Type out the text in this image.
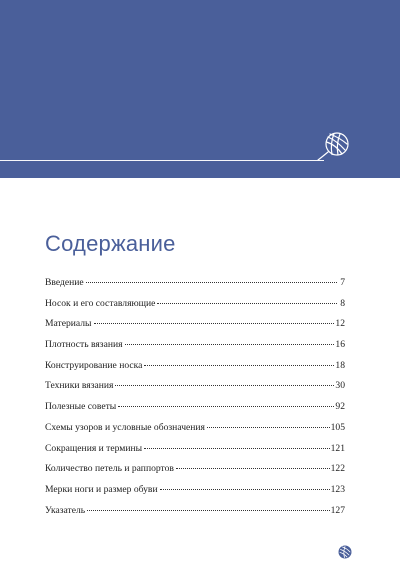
Содержание
Введение	7
Носок и его составляющие	8
Материалы	12
Плотность вязания	16
Конструирование носка	18
Техники вязания	30
Полезные советы	92
Схемы узоров и условные обозначения	105
Сокращения и термины	121
Количество петель и раппортов	122
Мерки ноги и размер обуви	123
Указатель	127
